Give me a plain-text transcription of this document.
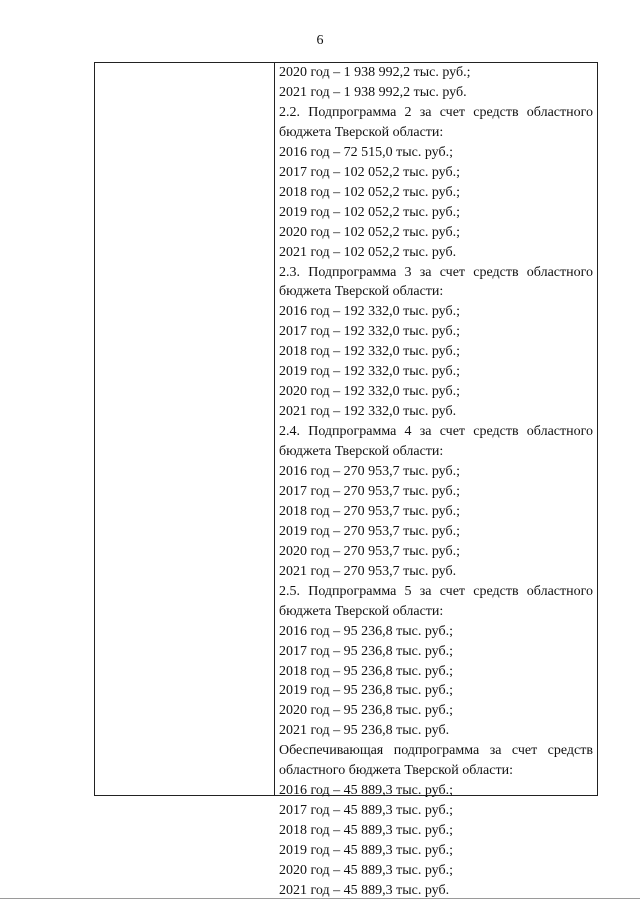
6
2020 год – 1 938 992,2 тыс. руб.;
2021 год – 1 938 992,2 тыс. руб.
2.2. Подпрограмма 2 за счет средств областного
бюджета Тверской области:
2016 год – 72 515,0 тыс. руб.;
2017 год – 102 052,2 тыс. руб.;
2018 год – 102 052,2 тыс. руб.;
2019 год – 102 052,2 тыс. руб.;
2020 год – 102 052,2 тыс. руб.;
2021 год – 102 052,2 тыс. руб.
2.3. Подпрограмма 3 за счет средств областного
бюджета Тверской области:
2016 год – 192 332,0 тыс. руб.;
2017 год – 192 332,0 тыс. руб.;
2018 год – 192 332,0 тыс. руб.;
2019 год – 192 332,0 тыс. руб.;
2020 год – 192 332,0 тыс. руб.;
2021 год – 192 332,0 тыс. руб.
2.4. Подпрограмма 4 за счет средств областного
бюджета Тверской области:
2016 год – 270 953,7 тыс. руб.;
2017 год – 270 953,7 тыс. руб.;
2018 год – 270 953,7 тыс. руб.;
2019 год – 270 953,7 тыс. руб.;
2020 год – 270 953,7 тыс. руб.;
2021 год – 270 953,7 тыс. руб.
2.5. Подпрограмма 5 за счет средств областного
бюджета Тверской области:
2016 год – 95 236,8 тыс. руб.;
2017 год – 95 236,8 тыс. руб.;
2018 год – 95 236,8 тыс. руб.;
2019 год – 95 236,8 тыс. руб.;
2020 год – 95 236,8 тыс. руб.;
2021 год – 95 236,8 тыс. руб.
Обеспечивающая подпрограмма за счет средств
областного бюджета Тверской области:
2016 год – 45 889,3 тыс. руб.;
2017 год – 45 889,3 тыс. руб.;
2018 год – 45 889,3 тыс. руб.;
2019 год – 45 889,3 тыс. руб.;
2020 год – 45 889,3 тыс. руб.;
2021 год – 45 889,3 тыс. руб.
